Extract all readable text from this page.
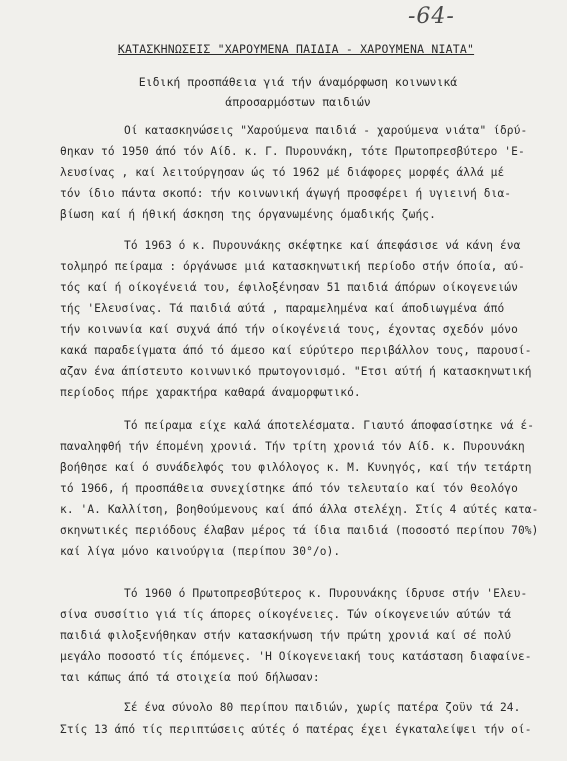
-64-
ΚΑΤΑΣΚΗΝΩΣΕΙΣ "ΧΑΡΟΥΜΕΝΑ ΠΑΙΔΙΑ - ΧΑΡΟΥΜΕΝΑ ΝΙΑΤΑ"
Ειδική προσπάθεια γιά τήν άναμόρφωση κοινωνικά
άπροσαρμόστων παιδιών
Οί κατασκηνώσεις "Χαρούμενα παιδιά - χαρούμενα νιάτα" ίδρύ-
θηκαν τό 1950 άπό τόν Αίδ. κ. Γ. Πυρουνάκη, τότε Πρωτοπρεσβύτερο 'Ε-
λευσίνας , καί λειτούργησαν ώς τό 1962 μέ διάφορες μορφές άλλά μέ
τόν ίδιο πάντα σκοπό: τήν κοινωνική άγωγή προσφέρει ή υγιεινή δια-
βίωση καί ή ήθική άσκηση της όργανωμένης όμαδικής ζωής.
Τό 1963 ό κ. Πυρουνάκης σκέφτηκε καί άπεφάσισε νά κάνη ένα
τολμηρό πείραμα : όργάνωσε μιά κατασκηνωτική περίοδο στήν όποία, αύ-
τός καί ή οίκογένειά του, έφιλοξένησαν 51 παιδιά άπόρων οίκογενειών
τής 'Ελευσίνας. Τά παιδιά αύτά , παραμελημένα καί άποδιωγμένα άπό
τήν κοινωνία καί συχνά άπό τήν οίκογένειά τους, έχοντας σχεδόν μόνο
κακά παραδείγματα άπό τό άμεσο καί εύρύτερο περιβάλλον τους, παρουσί-
αζαν ένα άπίστευτο κοινωνικό πρωτογονισμό. "Ετσι αύτή ή κατασκηνωτική
περίοδος πήρε χαρακτήρα καθαρά άναμορφωτικό.
Τό πείραμα είχε καλά άποτελέσματα. Γιαυτό άποφασίστηκε νά έ-
παναληφθή τήν έπομένη χρονιά. Τήν τρίτη χρονιά τόν Αίδ. κ. Πυρουνάκη
βοήθησε καί ό συνάδελφός του φιλόλογος κ. Μ. Κυνηγός, καί τήν τετάρτη
τό 1966, ή προσπάθεια συνεχίστηκε άπό τόν τελευταίο καί τόν θεολόγο
κ. 'Α. Καλλίτση, βοηθούμενους καί άπό άλλα στελέχη. Στίς 4 αύτές κατα-
σκηνωτικές περιόδους έλαβαν μέρος τά ίδια παιδιά (ποσοστό περίπου 70%)
καί λίγα μόνο καινούργια (περίπου 30°/ο).
Τό 1960 ό Πρωτοπρεσβύτερος κ. Πυρουνάκης ίδρυσε στήν 'Ελευ-
σίνα συσσίτιο γιά τίς άπορες οίκογένειες. Τών οίκογενειών αύτών τά
παιδιά φιλοξενήθηκαν στήν κατασκήνωση τήν πρώτη χρονιά καί σέ πολύ
μεγάλο ποσοστό τίς έπόμενες. 'Η Οίκογενειακή τους κατάσταση διαφαίνε-
ται κάπως άπό τά στοιχεία πού δήλωσαν:
Σέ ένα σύνολο 80 περίπου παιδιών, χωρίς πατέρα ζοϋν τά 24.
Στίς 13 άπό τίς περιπτώσεις αύτές ό πατέρας έχει έγκαταλείψει τήν οί-
